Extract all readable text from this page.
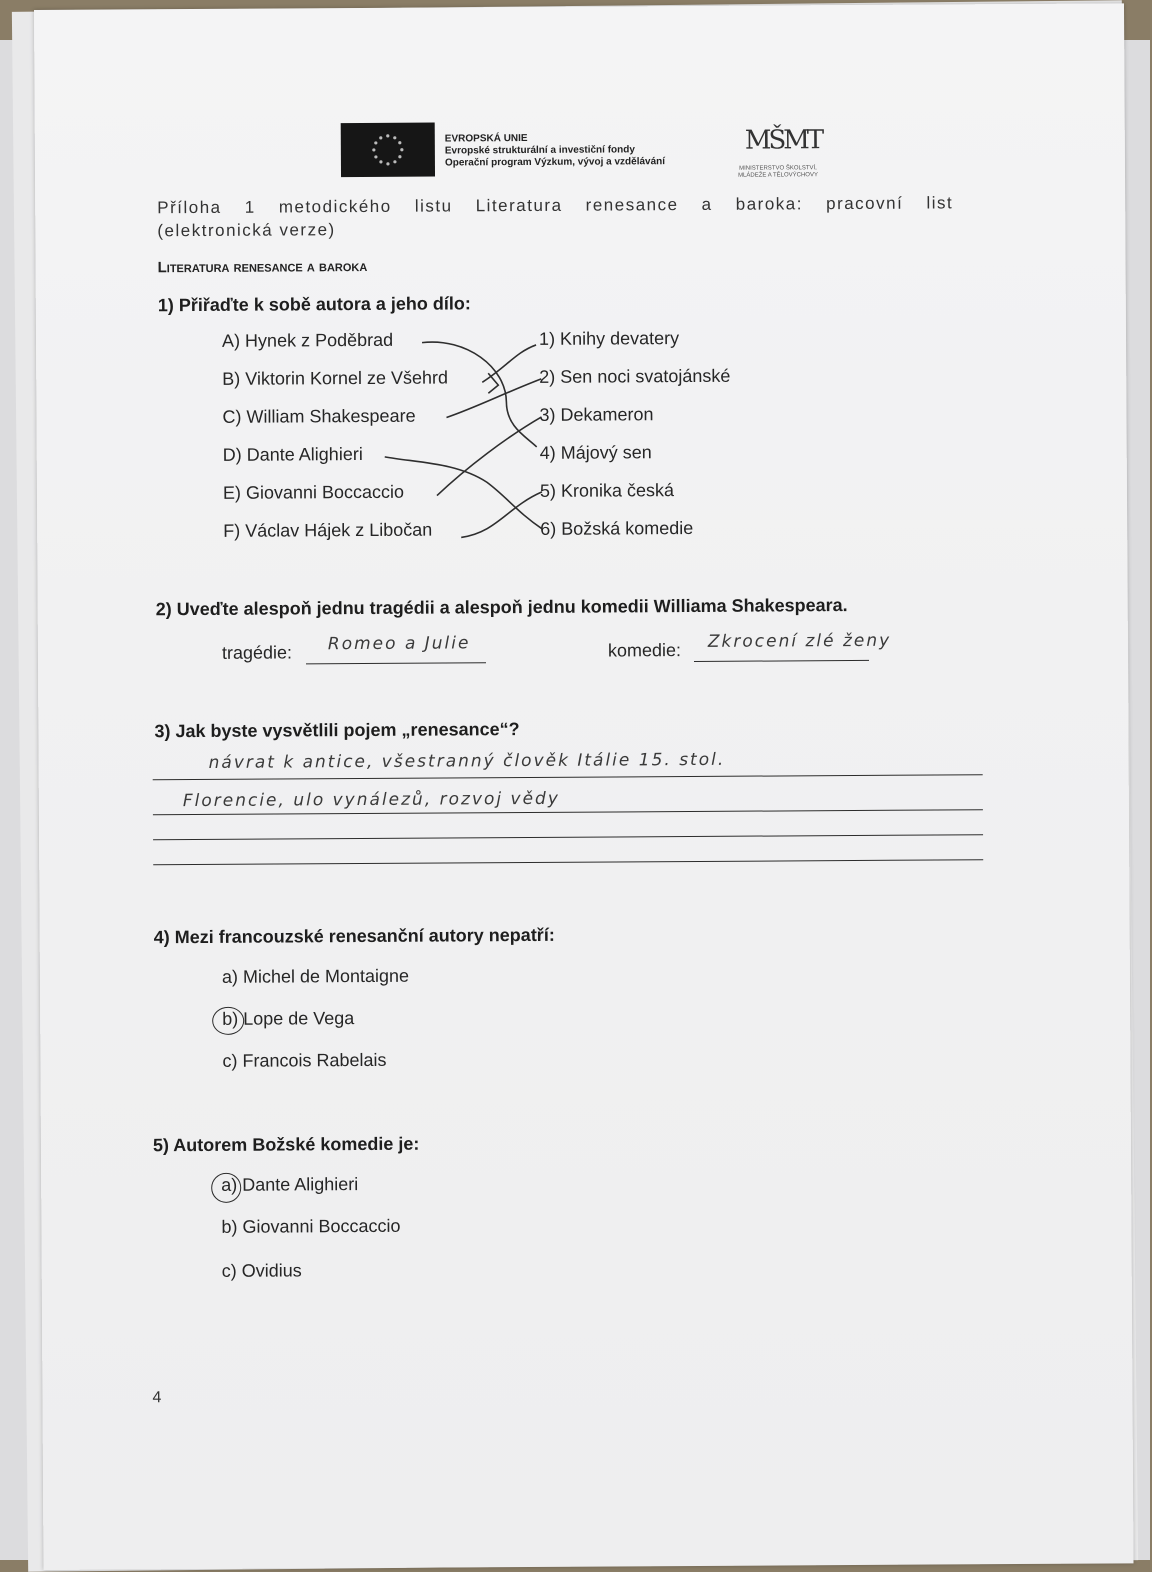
EVROPSKÁ UNIE
Evropské strukturální a investiční fondy
Operační program Výzkum, vývoj a vzdělávání
MŠMT
MINISTERSTVO ŠKOLSTVÍ,
MLÁDEŽE A TĚLOVÝCHOVY
Příloha 1 metodického listu Literatura renesance a baroka: pracovní list
(elektronická verze)
Literatura renesance a baroka
1) Přiřaďte k sobě autora a jeho dílo:
A) Hynek z Poděbrad
B) Viktorin Kornel ze Všehrd
C) William Shakespeare
D) Dante Alighieri
E) Giovanni Boccaccio
F) Václav Hájek z Libočan
1) Knihy devatery
2) Sen noci svatojánské
3) Dekameron
4) Májový sen
5) Kronika česká
6) Božská komedie
2) Uveďte alespoň jednu tragédii a alespoň jednu komedii Williama Shakespeara.
tragédie: Romeo a Julie	komedie: Zkrocení zlé ženy
3) Jak byste vysvětlili pojem „renesance“?
návrat k antice, všestranný člověk Itálie 15. stol.
Florencie, ulo vynálezů, rozvoj vědy
4) Mezi francouzské renesanční autory nepatří:
a) Michel de Montaigne
b) Lope de Vega
c) Francois Rabelais
5) Autorem Božské komedie je:
a) Dante Alighieri
b) Giovanni Boccaccio
c) Ovidius
4
